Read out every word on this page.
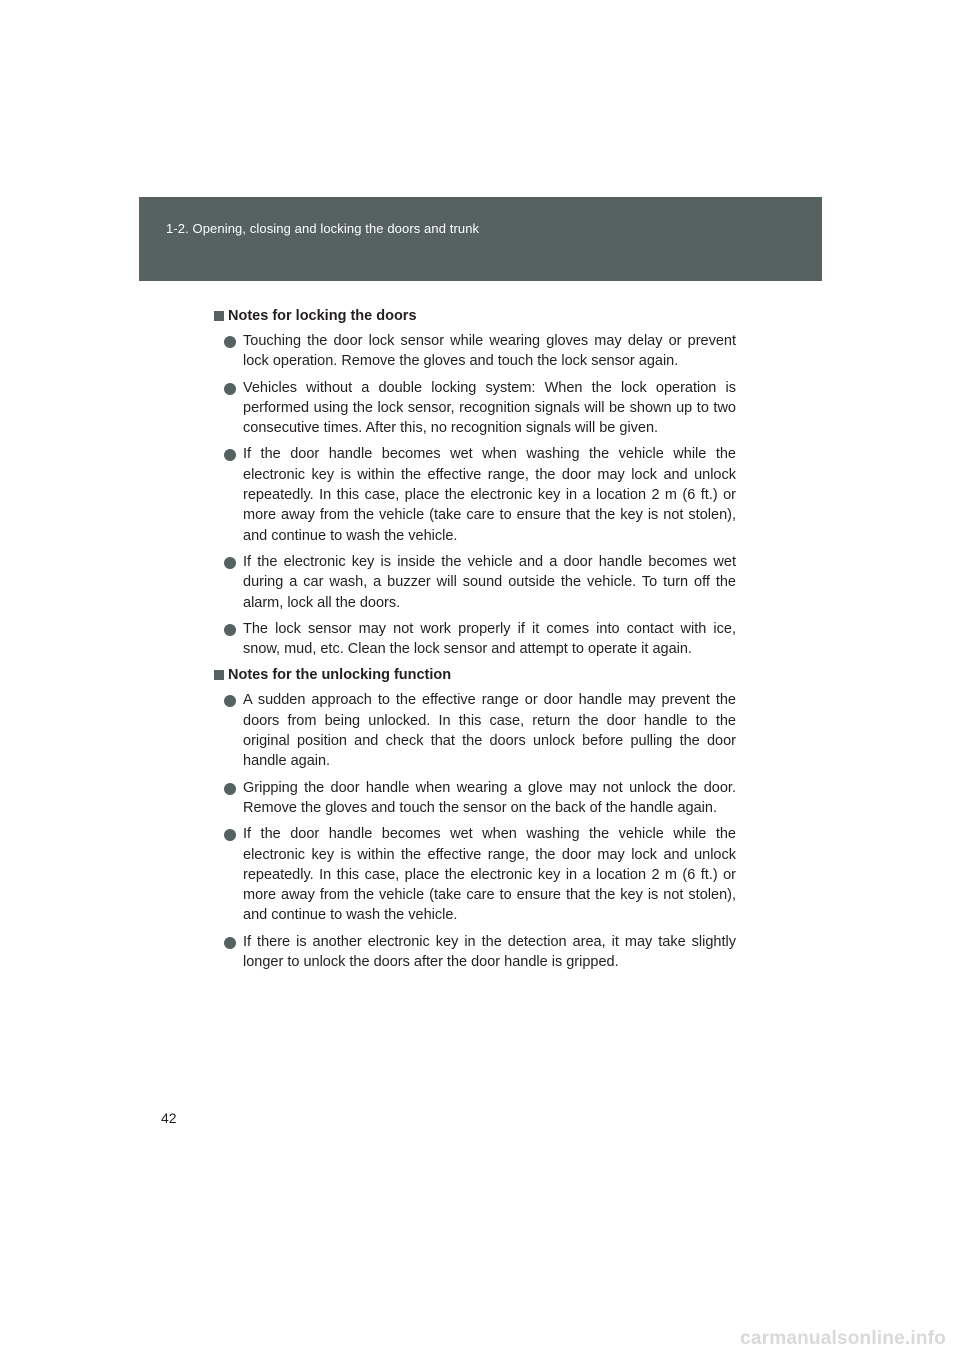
1-2. Opening, closing and locking the doors and trunk
Notes for locking the doors
Touching the door lock sensor while wearing gloves may delay or prevent lock operation. Remove the gloves and touch the lock sensor again.
Vehicles without a double locking system: When the lock operation is performed using the lock sensor, recognition signals will be shown up to two consecutive times. After this, no recognition signals will be given.
If the door handle becomes wet when washing the vehicle while the electronic key is within the effective range, the door may lock and unlock repeatedly. In this case, place the electronic key in a location 2 m (6 ft.) or more away from the vehicle (take care to ensure that the key is not stolen), and continue to wash the vehicle.
If the electronic key is inside the vehicle and a door handle becomes wet during a car wash, a buzzer will sound outside the vehicle. To turn off the alarm, lock all the doors.
The lock sensor may not work properly if it comes into contact with ice, snow, mud, etc. Clean the lock sensor and attempt to operate it again.
Notes for the unlocking function
A sudden approach to the effective range or door handle may prevent the doors from being unlocked. In this case, return the door handle to the original position and check that the doors unlock before pulling the door handle again.
Gripping the door handle when wearing a glove may not unlock the door. Remove the gloves and touch the sensor on the back of the handle again.
If the door handle becomes wet when washing the vehicle while the electronic key is within the effective range, the door may lock and unlock repeatedly. In this case, place the electronic key in a location 2 m (6 ft.) or more away from the vehicle (take care to ensure that the key is not stolen), and continue to wash the vehicle.
If there is another electronic key in the detection area, it may take slightly longer to unlock the doors after the door handle is gripped.
42
carmanualsonline.info
